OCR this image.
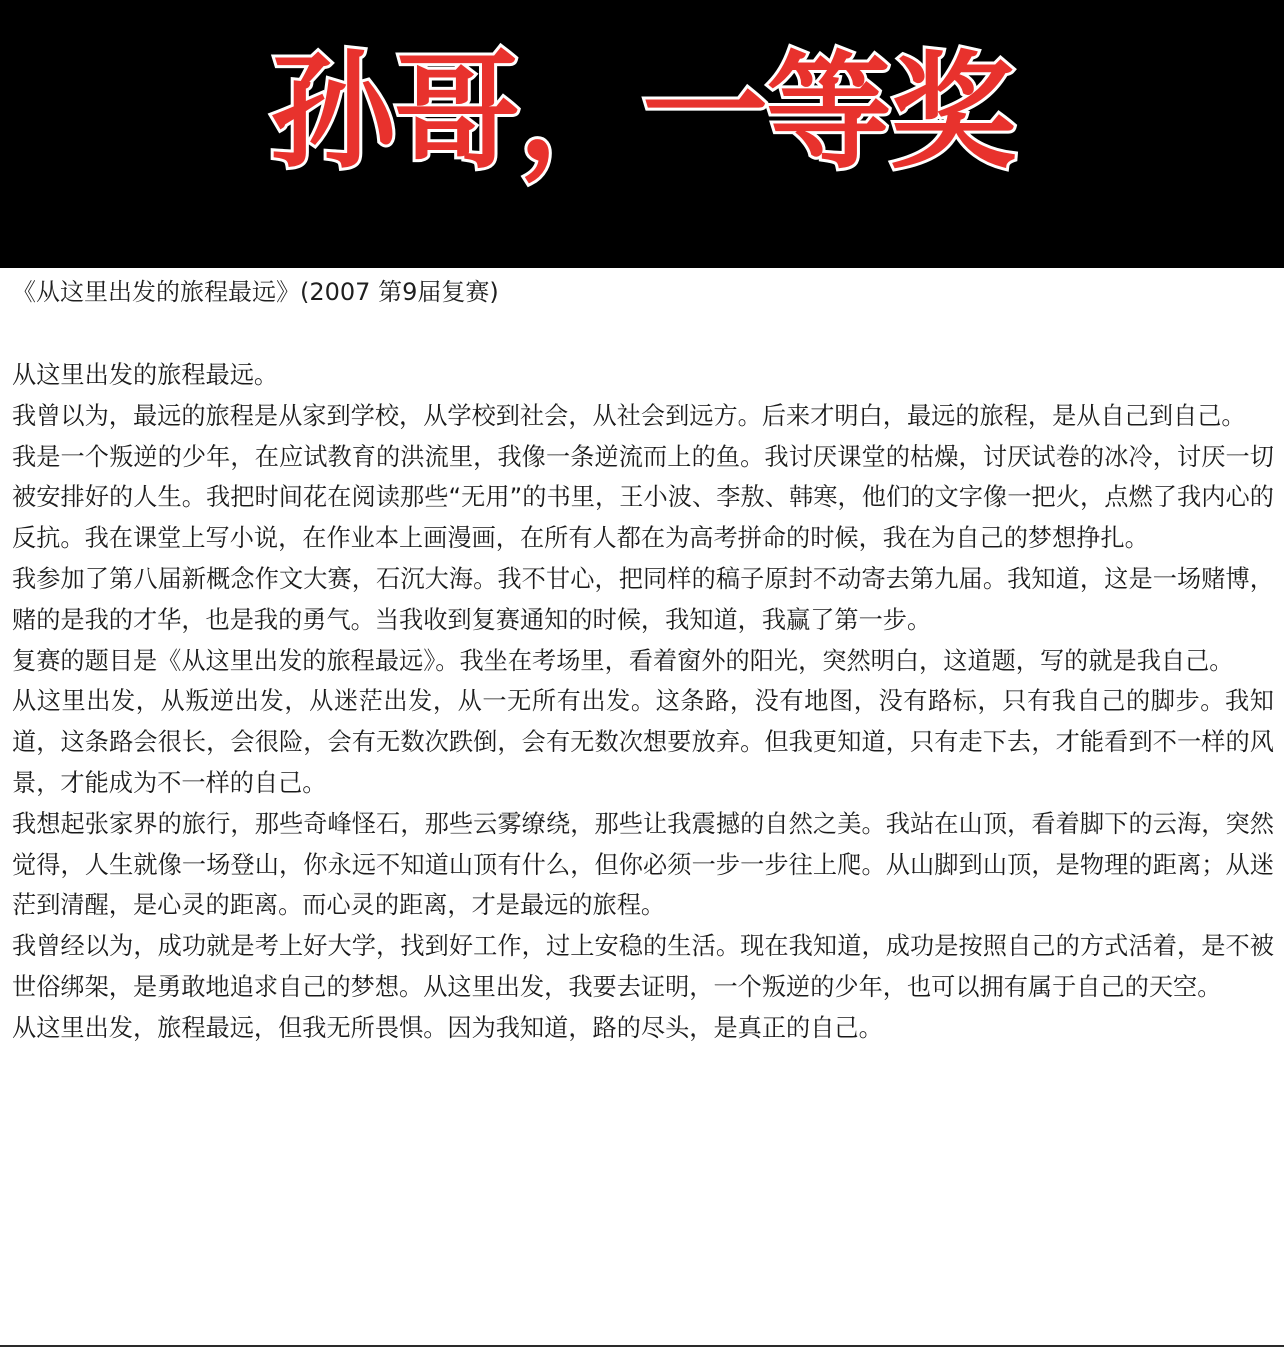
孙哥，一等奖
《从这里出发的旅程最远》(2007 第9届复赛)

从这里出发的旅程最远。

我曾以为，最远的旅程是从家到学校，从学校到社会，从社会到远方。后来才明白，最远的旅程，是从自己到自己。

我是一个叛逆的少年，在应试教育的洪流里，我像一条逆流而上的鱼。我讨厌课堂的枯燥，讨厌试卷的冰冷，讨厌一切被安排好的人生。我把时间花在阅读那些“无用”的书里，王小波、李敖、韩寒，他们的文字像一把火，点燃了我内心的反抗。我在课堂上写小说，在作业本上画漫画，在所有人都在为高考拼命的时候，我在为自己的梦想挣扎。

我参加了第八届新概念作文大赛，石沉大海。我不甘心，把同样的稿子原封不动寄去第九届。我知道，这是一场赌博，赌的是我的才华，也是我的勇气。当我收到复赛通知的时候，我知道，我赢了第一步。

复赛的题目是《从这里出发的旅程最远》。我坐在考场里，看着窗外的阳光，突然明白，这道题，写的就是我自己。

从这里出发，从叛逆出发，从迷茫出发，从一无所有出发。这条路，没有地图，没有路标，只有我自己的脚步。我知道，这条路会很长，会很险，会有无数次跌倒，会有无数次想要放弃。但我更知道，只有走下去，才能看到不一样的风景，才能成为不一样的自己。

我想起张家界的旅行，那些奇峰怪石，那些云雾缭绕，那些让我震撼的自然之美。我站在山顶，看着脚下的云海，突然觉得，人生就像一场登山，你永远不知道山顶有什么，但你必须一步一步往上爬。从山脚到山顶，是物理的距离；从迷茫到清醒，是心灵的距离。而心灵的距离，才是最远的旅程。

我曾经以为，成功就是考上好大学，找到好工作，过上安稳的生活。现在我知道，成功是按照自己的方式活着，是不被世俗绑架，是勇敢地追求自己的梦想。从这里出发，我要去证明，一个叛逆的少年，也可以拥有属于自己的天空。

从这里出发，旅程最远，但我无所畏惧。因为我知道，路的尽头，是真正的自己。
